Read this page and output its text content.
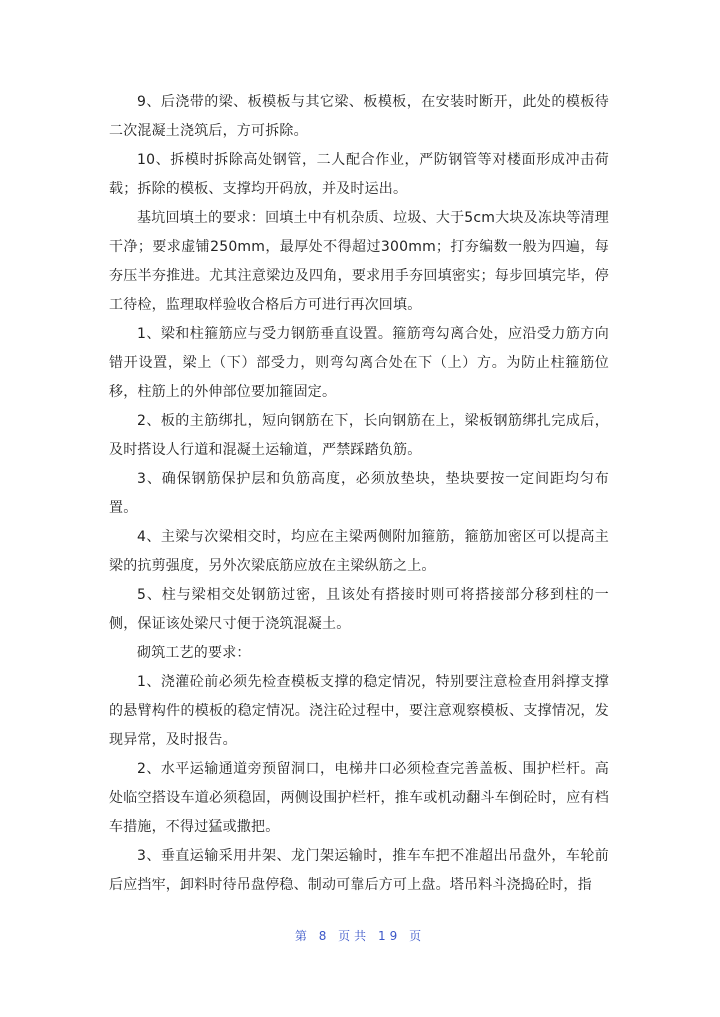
9、后浇带的梁、板模板与其它梁、板模板，在安装时断开，此处的模板待二次混凝土浇筑后，方可拆除。

10、拆模时拆除高处钢管，二人配合作业，严防钢管等对楼面形成冲击荷载；拆除的模板、支撑均开码放，并及时运出。

基坑回填土的要求：回填土中有机杂质、垃圾、大于5cm大块及冻块等清理干净；要求虚铺250mm，最厚处不得超过300mm；打夯编数一般为四遍，每夯压半夯推进。尤其注意梁边及四角，要求用手夯回填密实；每步回填完毕，停工待检，监理取样验收合格后方可进行再次回填。

1、梁和柱箍筋应与受力钢筋垂直设置。箍筋弯勾离合处，应沿受力筋方向错开设置，梁上（下）部受力，则弯勾离合处在下（上）方。为防止柱箍筋位移，柱筋上的外伸部位要加箍固定。

2、板的主筋绑扎，短向钢筋在下，长向钢筋在上，梁板钢筋绑扎完成后，及时搭设人行道和混凝土运输道，严禁踩踏负筋。

3、确保钢筋保护层和负筋高度，必须放垫块，垫块要按一定间距均匀布置。

4、主梁与次梁相交时，均应在主梁两侧附加箍筋，箍筋加密区可以提高主梁的抗剪强度，另外次梁底筋应放在主梁纵筋之上。

5、柱与梁相交处钢筋过密，且该处有搭接时则可将搭接部分移到柱的一侧，保证该处梁尺寸便于浇筑混凝土。

砌筑工艺的要求：

1、浇灌砼前必须先检查模板支撑的稳定情况，特别要注意检查用斜撑支撑的悬臂构件的模板的稳定情况。浇注砼过程中，要注意观察模板、支撑情况，发现异常，及时报告。

2、水平运输通道旁预留洞口，电梯井口必须检查完善盖板、围护栏杆。高处临空搭设车道必须稳固，两侧设围护栏杆，推车或机动翻斗车倒砼时，应有档车措施，不得过猛或撒把。

3、垂直运输采用井架、龙门架运输时，推车车把不准超出吊盘外，车轮前后应挡牢，卸料时待吊盘停稳、制动可靠后方可上盘。塔吊料斗浇捣砼时，指

第 8 页共 19 页
